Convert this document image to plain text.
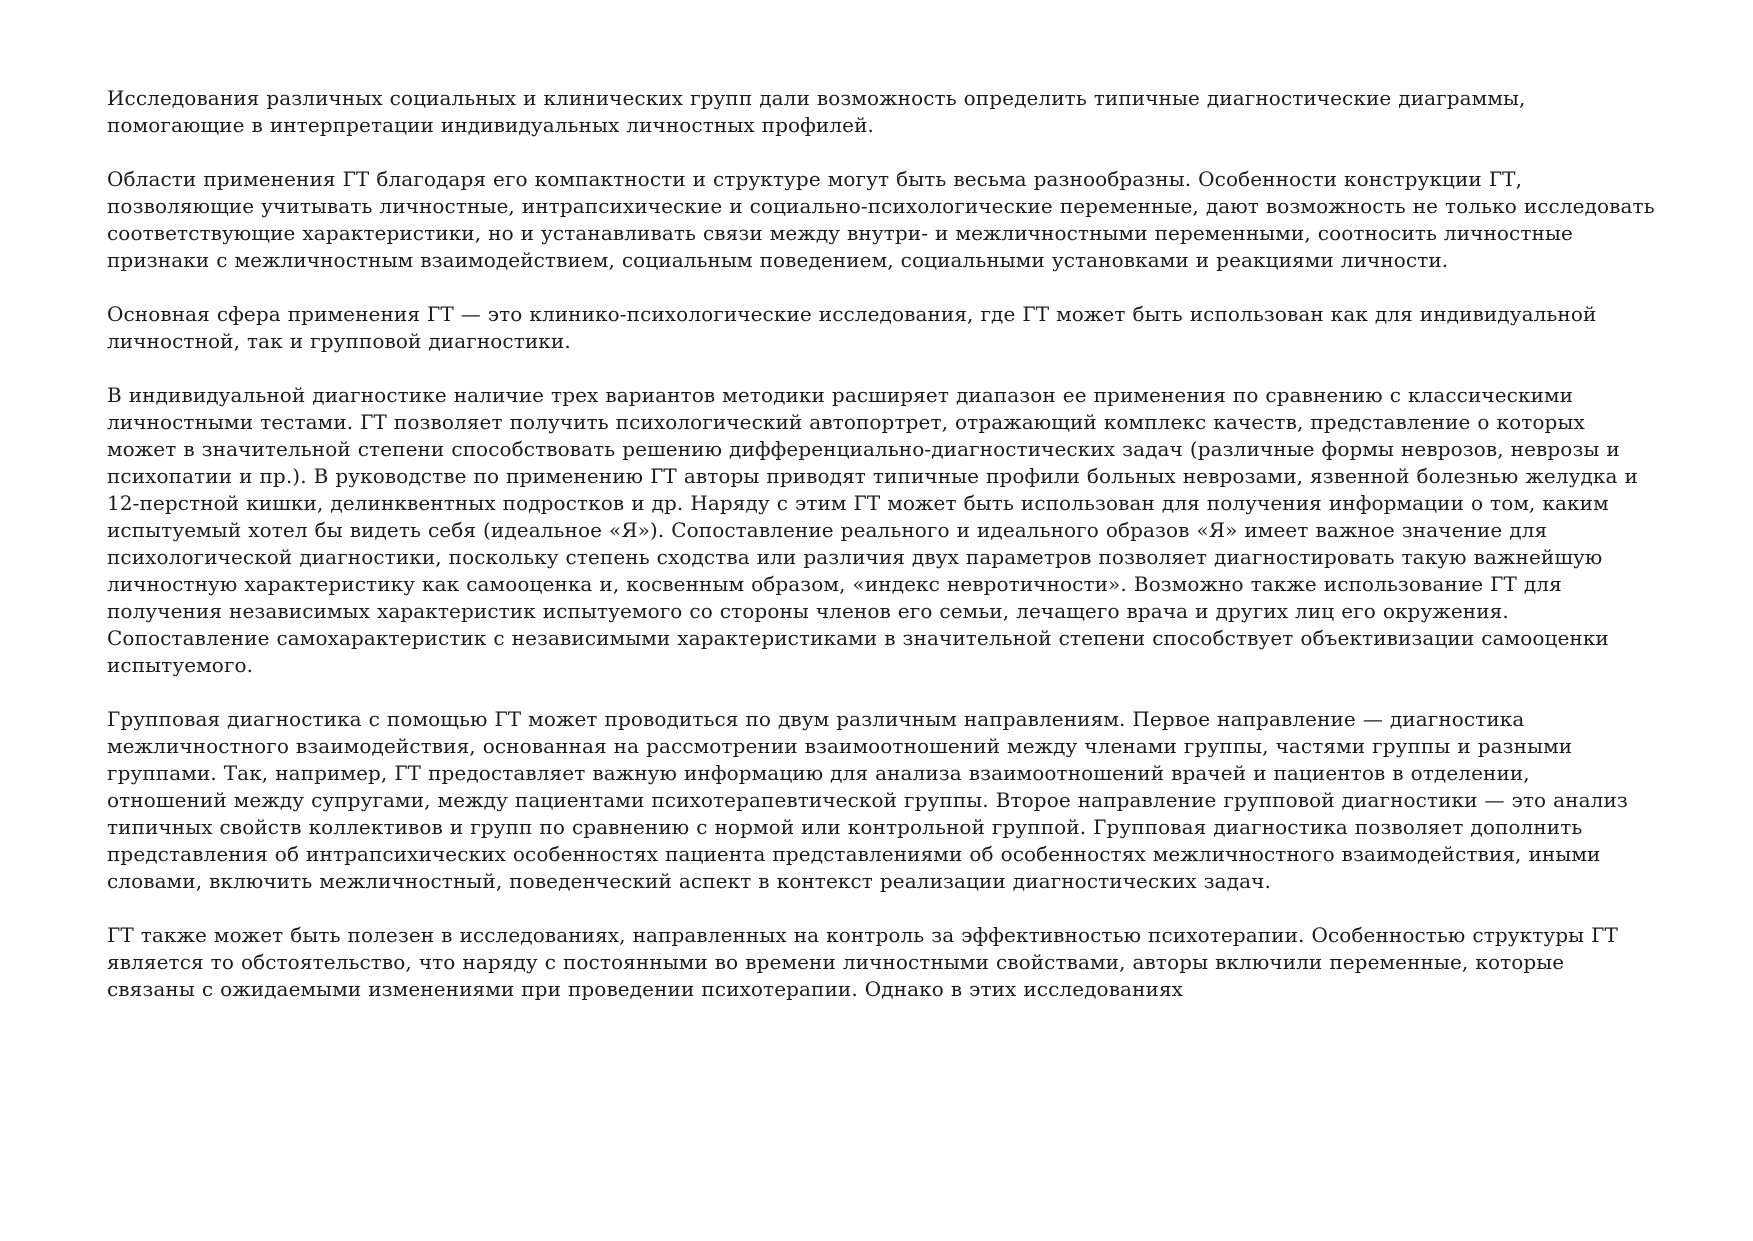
Исследования различных социальных и клинических групп дали возможность определить типичные диагностические диаграммы, помогающие в интерпретации индивидуальных личностных профилей.

Области применения ГТ благодаря его компактности и структуре могут быть весьма разнообразны. Особенности конструкции ГТ, позволяющие учитывать личностные, интрапсихические и социально-психологические переменные, дают возможность не только исследовать соответствующие характеристики, но и устанавливать связи между внутри- и межличностными переменными, соотносить личностные признаки с межличностным взаимодействием, социальным поведением, социальными установками и реакциями личности.

Основная сфера применения ГТ — это клинико-психологические исследования, где ГТ может быть использован как для индивидуальной личностной, так и групповой диагностики.

В индивидуальной диагностике наличие трех вариантов методики расширяет диапазон ее применения по сравнению с классическими личностными тестами. ГТ позволяет получить психологический автопортрет, отражающий комплекс качеств, представление о которых может в значительной степени способствовать решению дифференциально-диагностических задач (различные формы неврозов, неврозы и психопатии и пр.). В руководстве по применению ГТ авторы приводят типичные профили больных неврозами, язвенной болезнью желудка и 12-перстной кишки, делинквентных подростков и др. Наряду с этим ГТ может быть использован для получения информации о том, каким испытуемый хотел бы видеть себя (идеальное «Я»). Сопоставление реального и идеального образов «Я» имеет важное значение для психологической диагностики, поскольку степень сходства или различия двух параметров позволяет диагностировать такую важнейшую личностную характеристику как самооценка и, косвенным образом, «индекс невротичности». Возможно также использование ГТ для получения независимых характеристик испытуемого со стороны членов его семьи, лечащего врача и других лиц его окружения. Сопоставление самохарактеристик с независимыми характеристиками в значительной степени способствует объективизации самооценки испытуемого.

Групповая диагностика с помощью ГТ может проводиться по двум различным направлениям. Первое направление — диагностика межличностного взаимодействия, основанная на рассмотрении взаимоотношений между членами группы, частями группы и разными группами. Так, например, ГТ предоставляет важную информацию для анализа взаимоотношений врачей и пациентов в отделении, отношений между супругами, между пациентами психотерапевтической группы. Второе направление групповой диагностики — это анализ типичных свойств коллективов и групп по сравнению с нормой или контрольной группой. Групповая диагностика позволяет дополнить представления об интрапсихических особенностях пациента представлениями об особенностях межличностного взаимодействия, иными словами, включить межличностный, поведенческий аспект в контекст реализации диагностических задач.

ГТ также может быть полезен в исследованиях, направленных на контроль за эффективностью психотерапии. Особенностью структуры ГТ является то обстоятельство, что наряду с постоянными во времени личностными свойствами, авторы включили переменные, которые связаны с ожидаемыми изменениями при проведении психотерапии. Однако в этих исследованиях
